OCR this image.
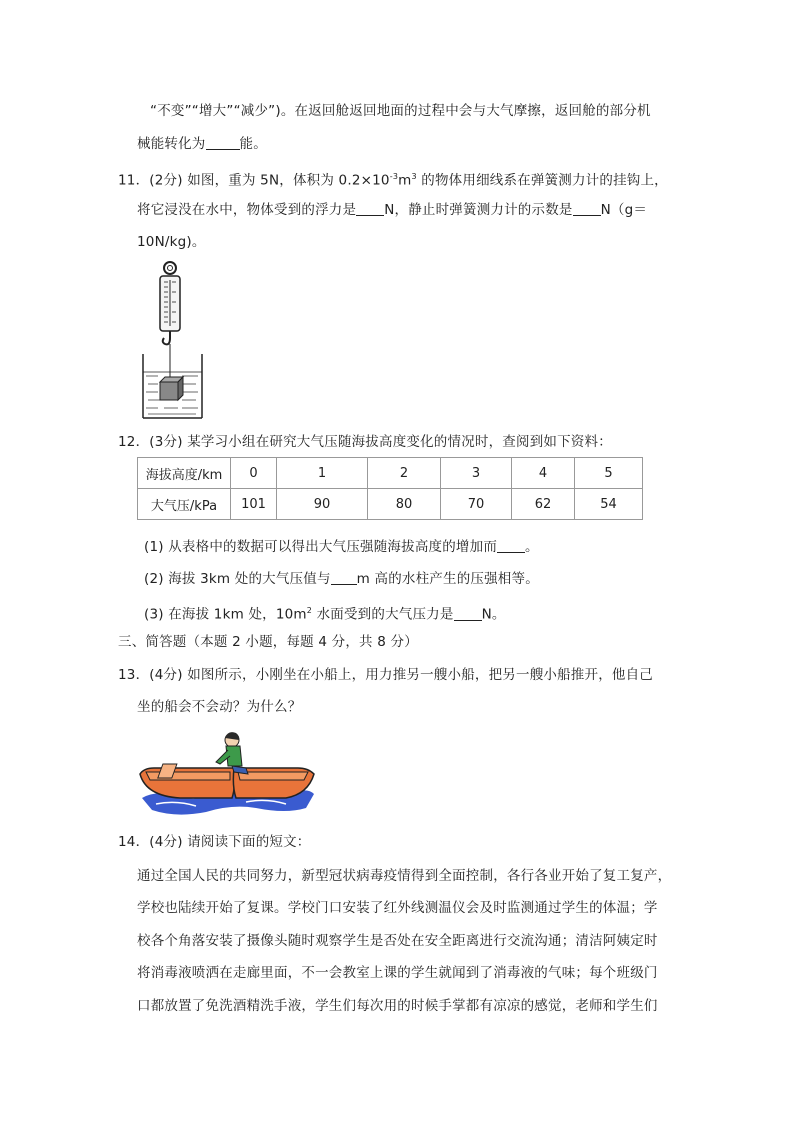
“不变”“增大”“减少”)。在返回舱返回地面的过程中会与大气摩擦，返回舱的部分机
械能转化为	能。
11．(2分) 如图，重为 5N，体积为 $0.2\times 10^{-3}m^3$ 的物体用细线系在弹簧测力计的挂钩上，
将它浸没在水中，物体受到的浮力是 N，静止时弹簧测力计的示数是 N（g＝
10N/kg)。
12．(3分) 某学习小组在研究大气压随海拔高度变化的情况时，查阅到如下资料：
海拔高度/km	0	1	2	3	4	5
大气压/kPa	101	90	80	70	62	54
(1) 从表格中的数据可以得出大气压强随海拔高度的增加而 。
(2) 海拔 3km 处的大气压值与 m 高的水柱产生的压强相等。
(3) 在海拔 1km 处，$10m^2$ 水面受到的大气压力是 N。
三、简答题（本题 2 小题，每题 4 分，共 8 分）
13．(4分) 如图所示，小刚坐在小船上，用力推另一艘小船，把另一艘小船推开，他自己
坐的船会不会动？为什么？
14．(4分) 请阅读下面的短文：
通过全国人民的共同努力，新型冠状病毒疫情得到全面控制，各行各业开始了复工复产，
学校也陆续开始了复课。学校门口安装了红外线测温仪会及时监测通过学生的体温；学
校各个角落安装了摄像头随时观察学生是否处在安全距离进行交流沟通；清洁阿姨定时
将消毒液喷洒在走廊里面，不一会教室上课的学生就闻到了消毒液的气味；每个班级门
口都放置了免洗酒精洗手液，学生们每次用的时候手掌都有凉凉的感觉，老师和学生们
